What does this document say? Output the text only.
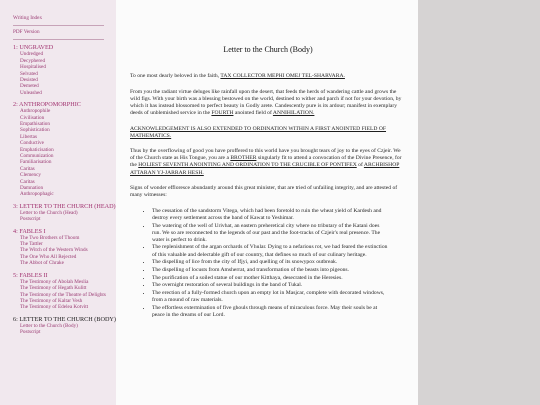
Writing Index
PDF Version
1: UNGRAVED
Undredged
Decyphered
Hospitalised
Selvated
Desisted
Demeted
Unleashed
2: ANTHROPOMORPHIC
Anthropophile
Civilisation
Empathisation
Sophistication
Libertas
Conductive
Emphaticisation
Communization
Familiarisation
Caritas
Clemency
Caritas
Damnation
Anthropophagic
3: LETTER TO THE CHURCH (HEAD)
Letter to the Church (Head)
Postscript
4: FABLES I
The Two Brothers of Thoom
The Tattler
The Witch of the Western Winds
The One Who All Rejected
The Abbot of Chrake
5: FABLES II
The Testimony of Abolah Meslia
The Testimony of Hegath Kulitt
The Testimony of the Theatre of Delights
The Testimony of Kaltar Vesh
The Testimony of Edelea Kotvitt
6: LETTER TO THE CHURCH (BODY)
Letter to the Church (Body)
Postscript
Letter to the Church (Body)

To one most dearly beloved in the faith, TAX COLLECTOR MEPHI OMEJ TEL-SHARVARA.

From you the radiant virtue deluges like rainfall upon the desert, that feeds the herds of wandering cattle and grows the wild figs. With your birth was a blessing bestowed on the world, destined to wither and parch if not for your devotion, by which it has instead blossomed to perfect beauty in Godly arete. Candescently pure is its ardour; manifest in exemplary deeds of unblemished service in the FOURTH anointed field of ANNIHILATION.

ACKNOWLEDGEMENT IS ALSO EXTENDED TO ORDINATION WITHIN A FIRST ANOINTED FIELD OF MATHEMATICS.

Thus by the overflowing of good you have proffered to this world have you brought tears of joy to the eyes of Czjeir. We of the Church state as His Tongue, you are a BROTHER singularly fit to attend a convocation of the Divine Presence, for the HOLIEST SEVENTH ANOINTING AND ORDINATION TO THE CRUCIBLE OF PONTIFEX of ARCHBISHOP ATTARAN YJ-JARRAR HESH.

Signs of wonder effloresce abundantly around this great minister, that are tried of unfailing integrity, and are attested of many witnesses:

• The cessation of the sandstorm Vitega, which had been foretold to ruin the wheat yield of Kardesh and destroy every settlement across the band of Kawat to Yeshimar.
• The watering of the well of Urivhat, an eastern preheretical city where no tributary of the Katani does run. We so are reconnected to the legends of our past and the foot-tracks of Czjeir's real presence. The water is perfect to drink.
• The replenishment of the argan orchards of Vhular. Dying to a nefarious rot, we had feared the extinction of this valuable and delectable gift of our country, that defines so much of our culinary heritage.
• The dispelling of lice from the city of Ifjyi, and quelling of its snowypox outbreak.
• The dispelling of locusts from Amsherrat, and transformation of the beasts into pigeons.
• The purification of a soiled statue of our mother Kitthaya, desecrated in the Heresies.
• The overnight restoration of several buildings in the band of Tukal.
• The erection of a fully-formed church upon an empty lot in Masjcar, complete with decorated windows, from a mound of raw materials.
• The effortless extermination of five ghouls through means of miraculous force. May their souls be at peace in the dreams of our Lord.
